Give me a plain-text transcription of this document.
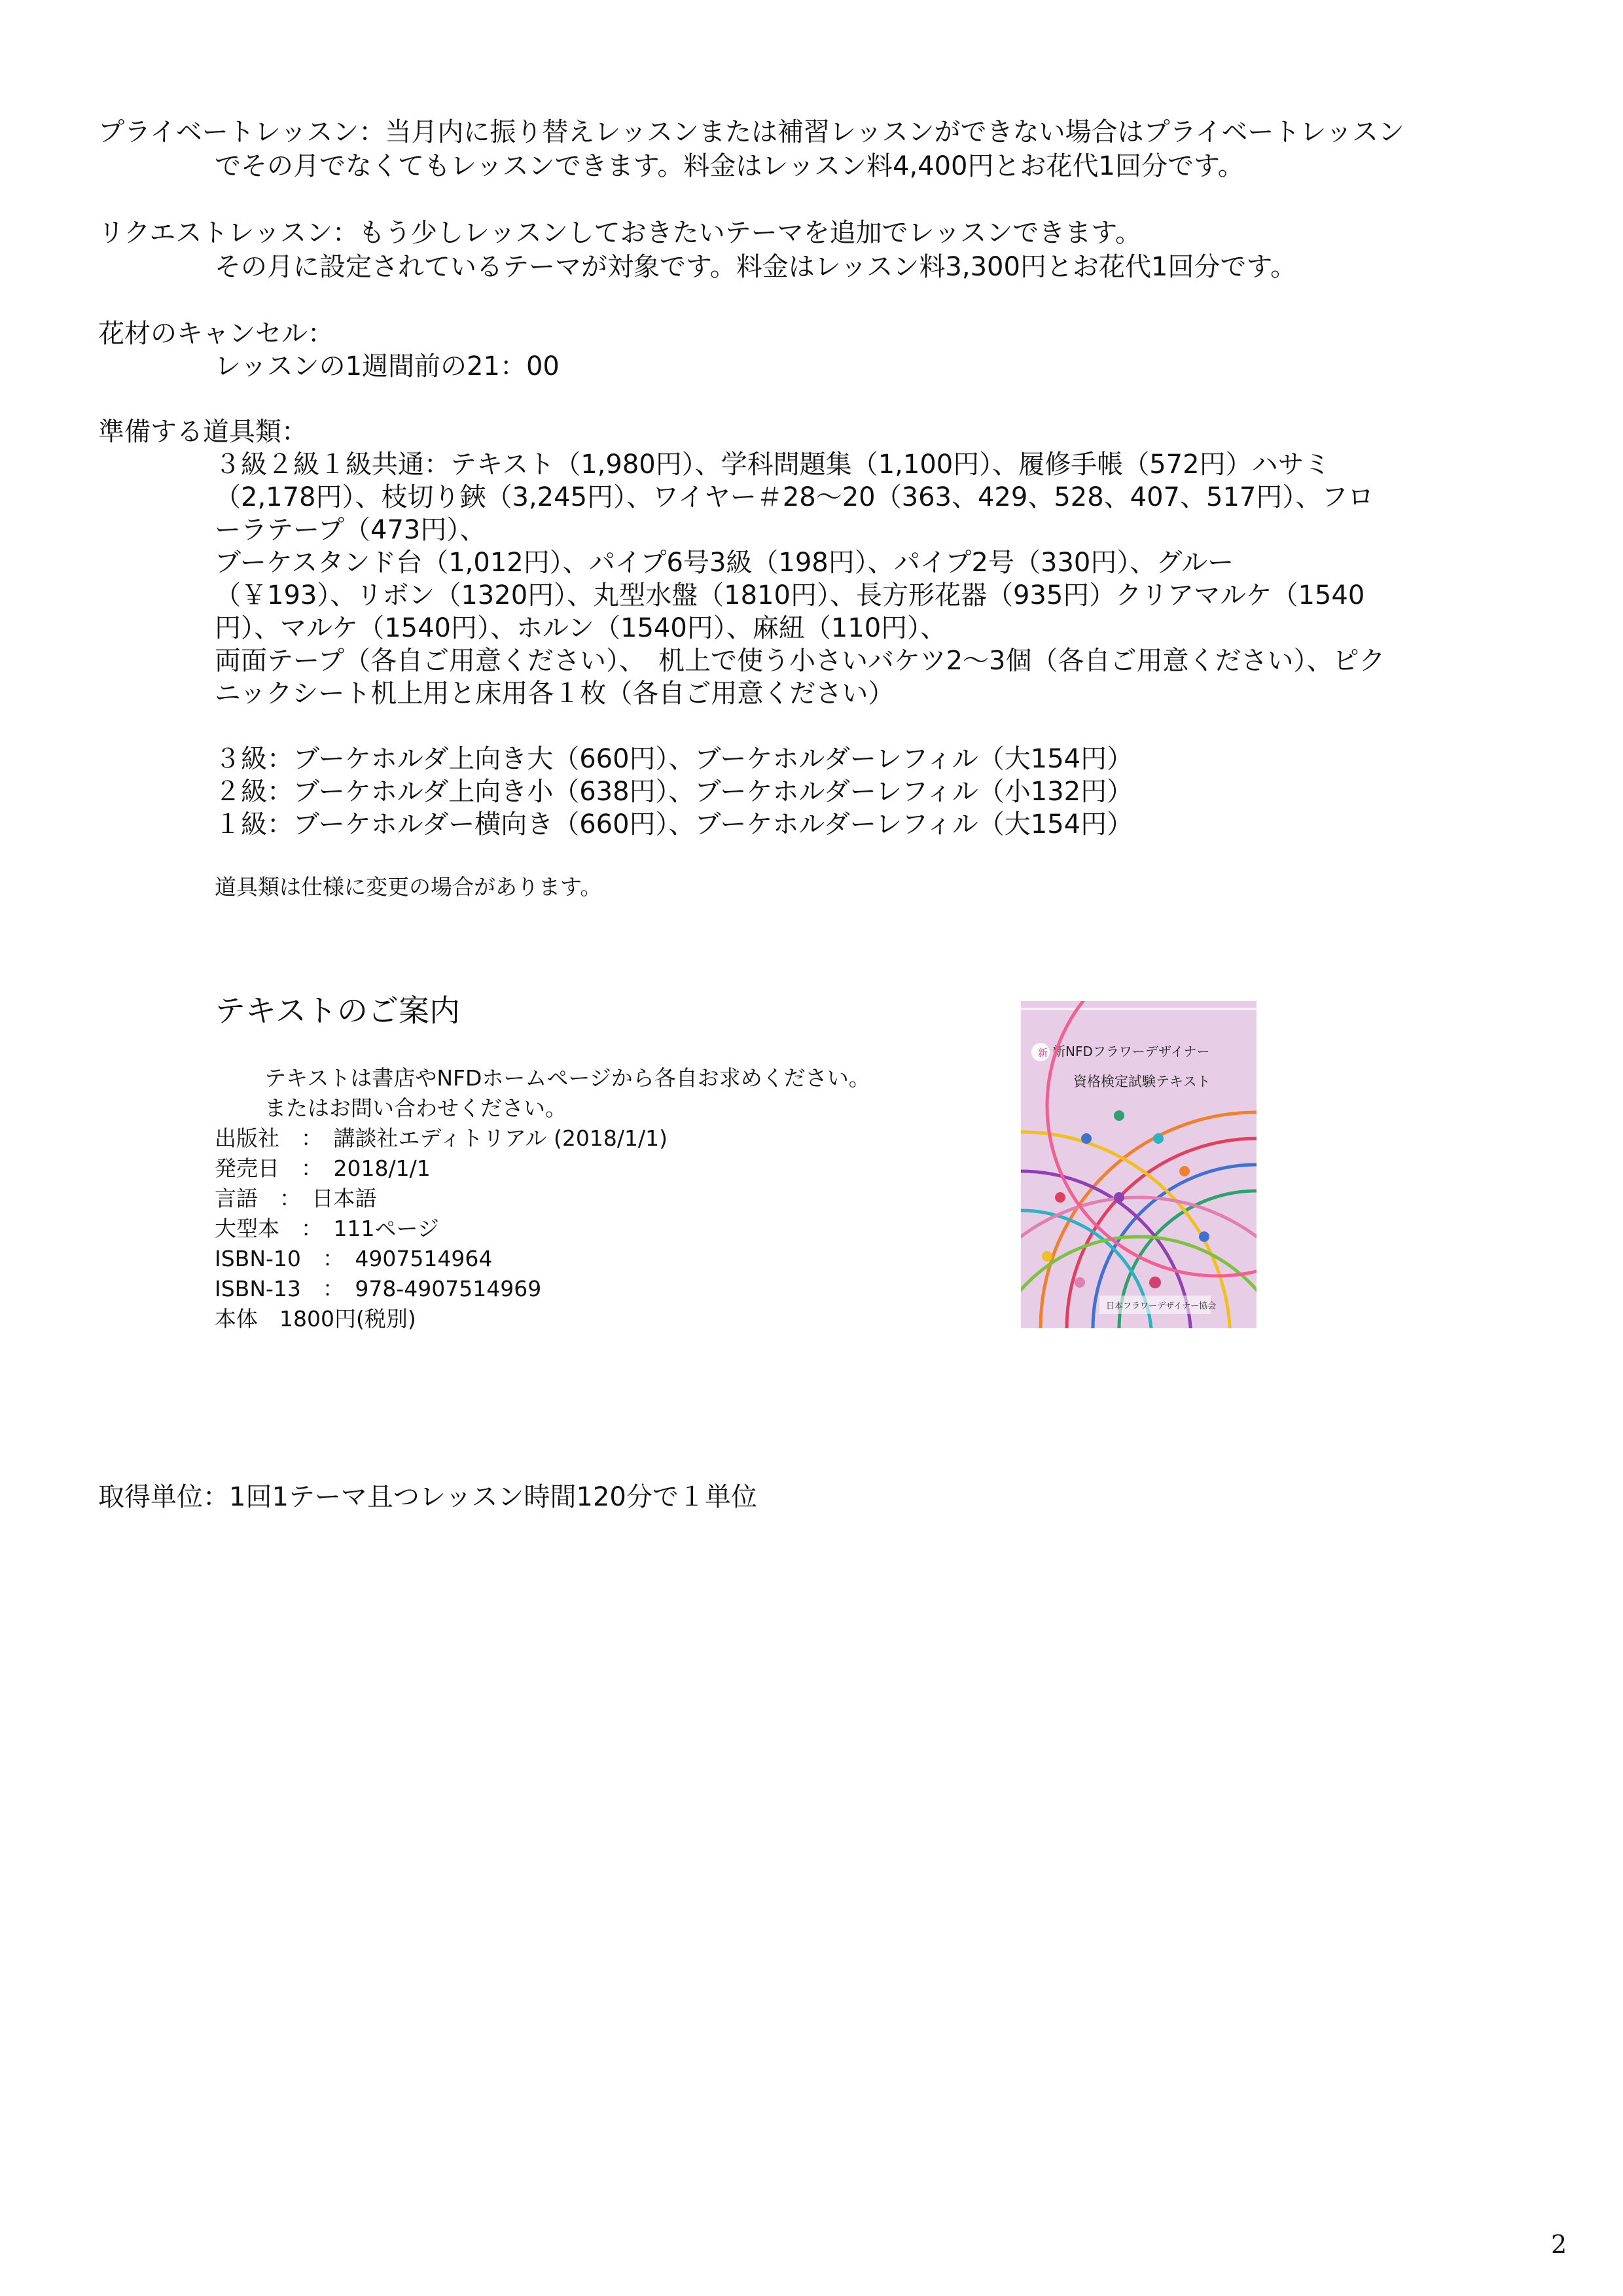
プライベートレッスン：当月内に振り替えレッスンまたは補習レッスンができない場合はプライベートレッスン
でその月でなくてもレッスンできます。料金はレッスン料4,400円とお花代1回分です。
リクエストレッスン：もう少しレッスンしておきたいテーマを追加でレッスンできます。
その月に設定されているテーマが対象です。料金はレッスン料3,300円とお花代1回分です。
花材のキャンセル：
レッスンの1週間前の21：00
準備する道具類：
３級２級１級共通：テキスト（1,980円）、学科問題集（1,100円）、履修手帳（572円）ハサミ
（2,178円）、枝切り鋏（3,245円）、ワイヤー＃28～20（363、429、528、407、517円）、フロ
ーラテープ（473円）、
ブーケスタンド台（1,012円）、パイプ6号3級（198円）、パイプ2号（330円）、グルー
（￥193）、リボン（1320円）、丸型水盤（1810円）、長方形花器（935円）クリアマルケ（1540
円）、マルケ（1540円）、ホルン（1540円）、麻紐（110円）、
両面テープ（各自ご用意ください）、　机上で使う小さいバケツ2～3個（各自ご用意ください）、ピク
ニックシート机上用と床用各１枚（各自ご用意ください）
３級：ブーケホルダ上向き大（660円）、ブーケホルダーレフィル（大154円）
２級：ブーケホルダ上向き小（638円）、ブーケホルダーレフィル（小132円）
１級：ブーケホルダー横向き（660円）、ブーケホルダーレフィル（大154円）
道具類は仕様に変更の場合があります。
テキストのご案内
テキストは書店やNFDホームページから各自お求めください。
またはお問い合わせください。
出版社　：　講談社エディトリアル (2018/1/1)
発売日　：　2018/1/1
言語　：　日本語
大型本　：　111ページ
ISBN-10　：　4907514964
ISBN-13　：　978-4907514969
本体　1800円(税別)
新 新NFDフラワーデザイナー
資格検定試験テキスト
日本フラワーデザイナー協会
取得単位：1回1テーマ且つレッスン時間120分で１単位
2
